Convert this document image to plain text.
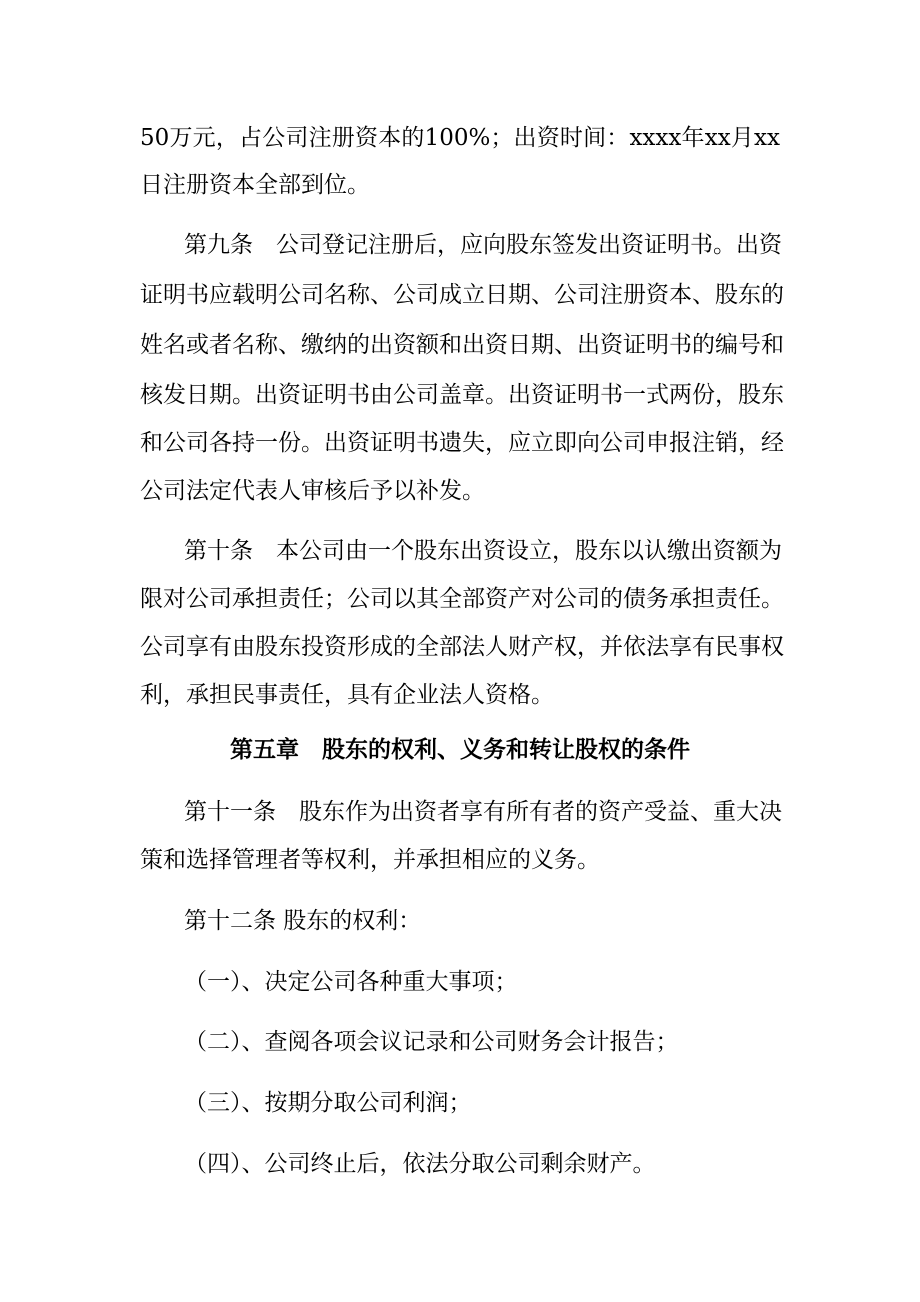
50万元，占公司注册资本的100%；出资时间：xxxx年xx月xx
日注册资本全部到位。
第九条　公司登记注册后，应向股东签发出资证明书。出资
证明书应载明公司名称、公司成立日期、公司注册资本、股东的
姓名或者名称、缴纳的出资额和出资日期、出资证明书的编号和
核发日期。出资证明书由公司盖章。出资证明书一式两份，股东
和公司各持一份。出资证明书遗失，应立即向公司申报注销，经
公司法定代表人审核后予以补发。
第十条　本公司由一个股东出资设立，股东以认缴出资额为
限对公司承担责任；公司以其全部资产对公司的债务承担责任。
公司享有由股东投资形成的全部法人财产权，并依法享有民事权
利，承担民事责任，具有企业法人资格。
第五章　股东的权利、义务和转让股权的条件
第十一条　股东作为出资者享有所有者的资产受益、重大决
策和选择管理者等权利，并承担相应的义务。
第十二条 股东的权利：
（一）、决定公司各种重大事项；
（二）、查阅各项会议记录和公司财务会计报告；
（三）、按期分取公司利润；
（四）、公司终止后，依法分取公司剩余财产。
